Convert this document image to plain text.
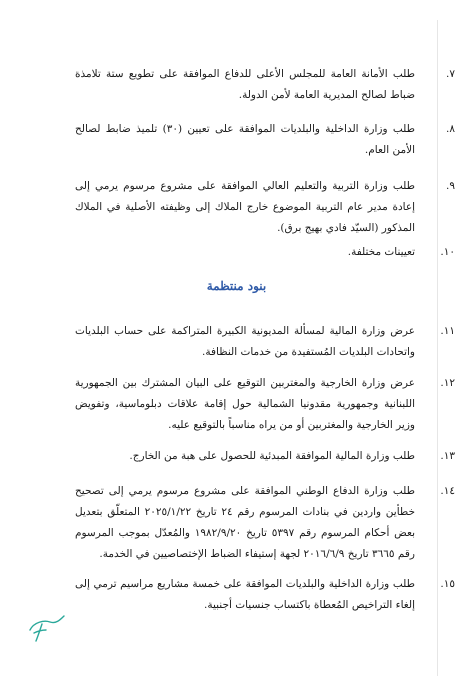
.٧
طلب الأمانة العامة للمجلس الأعلى للدفاع الموافقة على تطويع ستة تلامذة ضباط لصالح المديرية العامة لأمن الدولة.
.٨
طلب وزارة الداخلية والبلديات الموافقة على تعيين (٣٠) تلميذ ضابط لصالح الأمن العام.
.٩
طلب وزارة التربية والتعليم العالي الموافقة على مشروع مرسوم يرمي إلى إعادة مدير عام التربية الموضوع خارج الملاك إلى وظيفته الأصلية في الملاك المذكور (السيّد فادي بهيج برق).
.١٠
تعيينات مختلفة.
بنود منتظمة
.١١
عرض وزارة المالية لمسألة المديونية الكبيرة المتراكمة على حساب البلديات واتحادات البلديات المُستفيدة من خدمات النظافة.
.١٢
عرض وزارة الخارجية والمغتربين التوقيع على البيان المشترك بين الجمهورية اللبنانية وجمهورية مقدونيا الشمالية حول إقامة علاقات دبلوماسية، وتفويض وزير الخارجية والمغتربين أو من يراه مناسباً بالتوقيع عليه.
.١٣
طلب وزارة المالية الموافقة المبدئية للحصول على هبة من الخارج.
.١٤
طلب وزارة الدفاع الوطني الموافقة على مشروع مرسوم يرمي إلى تصحيح خطأين واردين في بنادات المرسوم رقم ٢٤ تاريخ ٢٠٢٥/١/٢٢ المتعلّق بتعديل بعض أحكام المرسوم رقم ٥٣٩٧ تاريخ ١٩٨٢/٩/٢٠ والمُعدّل بموجب المرسوم رقم ٣٦٦٥ تاريخ ٢٠١٦/٦/٩ لجهة إستيفاء الضباط الإختصاصيين في الخدمة.
.١٥
طلب وزارة الداخلية والبلديات الموافقة على خمسة مشاريع مراسيم ترمي إلى إلغاء التراخيص المُعطاة باكتساب جنسيات أجنبية.
